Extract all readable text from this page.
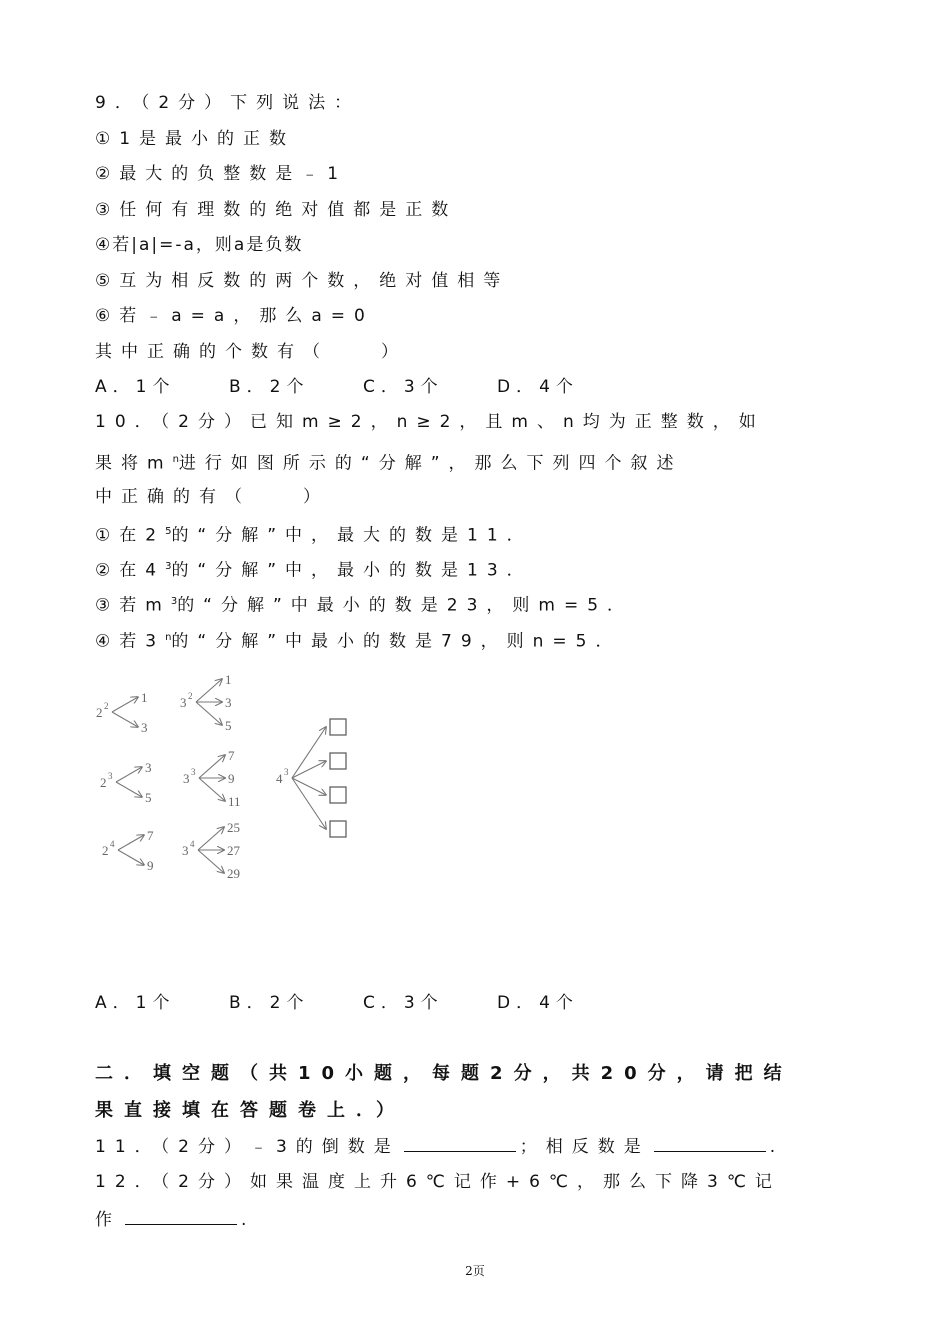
9．（2分）下列说法：
①1是最小的正数
②最大的负整数是﹣1
③任何有理数的绝对值都是正数
④若|a|=-a，则a是负数
⑤互为相反数的两个数，绝对值相等
⑥若﹣a=a，那么a=0
其中正确的个数有（　　）
A．1个	B．2个	C．3个	D．4个
10．（2分）已知m≥2，n≥2，且m、n均为正整数，如
果将$m^n$进行如图所示的“分解”，那么下列四个叙述
中正确的有（　　）
①在$2^5$的“分解”中，最大的数是11．
②在$4^3$的“分解”中，最小的数是13．
③若$m^3$的“分解”中最小的数是23，则m=5．
④若3$^n$的“分解”中最小的数是79，则n=5．
2 2
1
3
2 3
3
5
2 4
7
9
3 2
1
3
5
3 3
7
9
11
3 4
25
27
29
4 3
A．1个	B．2个	C．3个	D．4个
二．填空题（共10小题，每题2分，共20分，请把结
果直接填在答题卷上．）
11．（2分）﹣3的倒数是	；相反数是	.
12．（2分）如果温度上升6℃记作+6℃，那么下降3℃记
作	.
2页
